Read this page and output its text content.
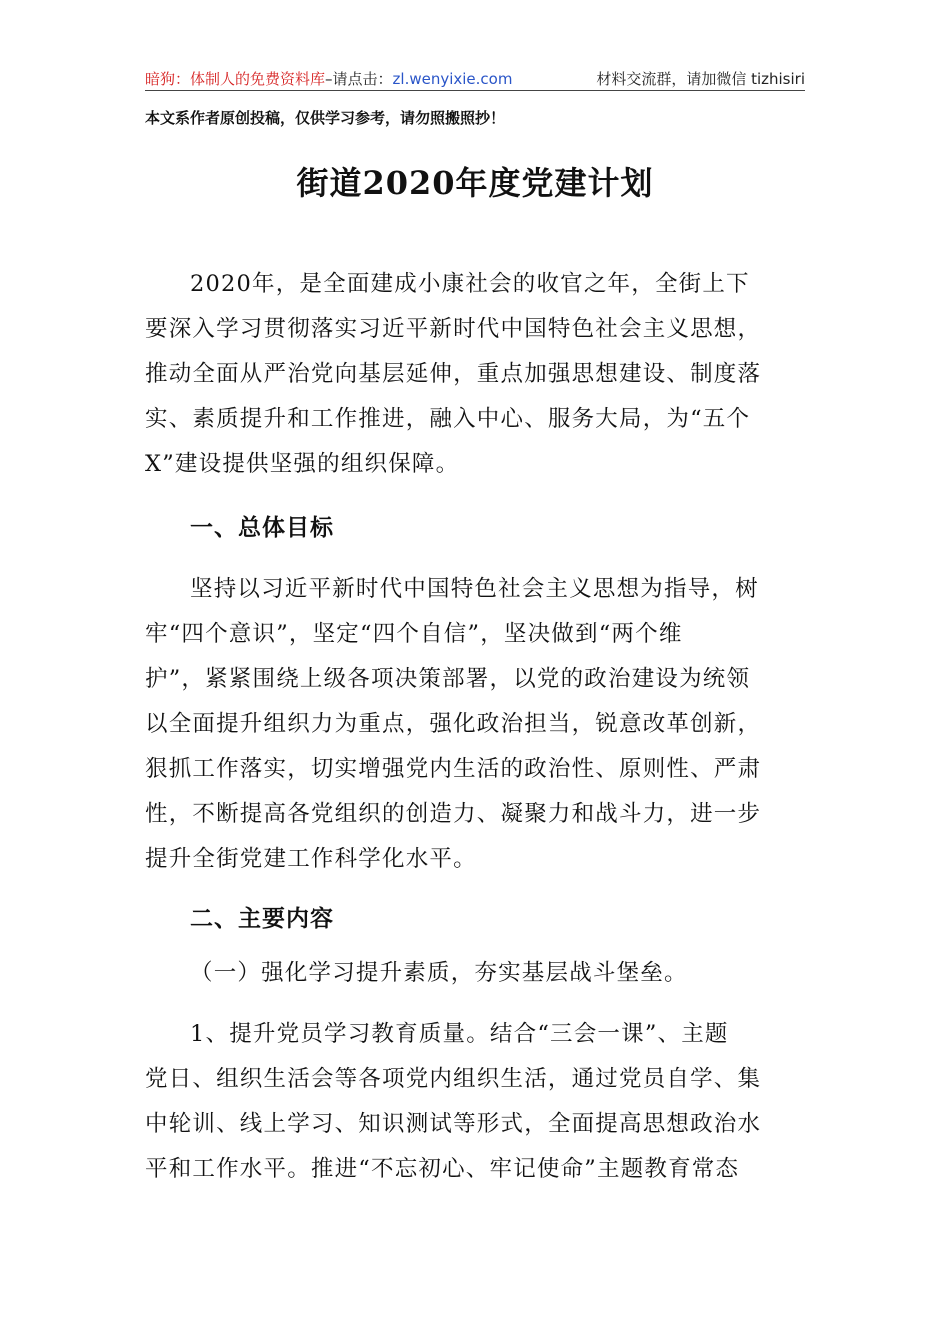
暗狗：体制人的免费资料库–请点击：zl.wenyixie.com	材料交流群，请加微信 tizhisiri
本文系作者原创投稿，仅供学习参考，请勿照搬照抄！
街道2020年度党建计划
2020年，是全面建成小康社会的收官之年，全街上下
要深入学习贯彻落实习近平新时代中国特色社会主义思想，
推动全面从严治党向基层延伸，重点加强思想建设、制度落
实、素质提升和工作推进，融入中心、服务大局，为“五个
X”建设提供坚强的组织保障。
一、总体目标
坚持以习近平新时代中国特色社会主义思想为指导，树
牢“四个意识”，坚定“四个自信”，坚决做到“两个维
护”，紧紧围绕上级各项决策部署，以党的政治建设为统领
以全面提升组织力为重点，强化政治担当，锐意改革创新，
狠抓工作落实，切实增强党内生活的政治性、原则性、严肃
性，不断提高各党组织的创造力、凝聚力和战斗力，进一步
提升全街党建工作科学化水平。
二、主要内容
（一）强化学习提升素质，夯实基层战斗堡垒。
1、提升党员学习教育质量。结合“三会一课”、主题
党日、组织生活会等各项党内组织生活，通过党员自学、集
中轮训、线上学习、知识测试等形式，全面提高思想政治水
平和工作水平。推进“不忘初心、牢记使命”主题教育常态
